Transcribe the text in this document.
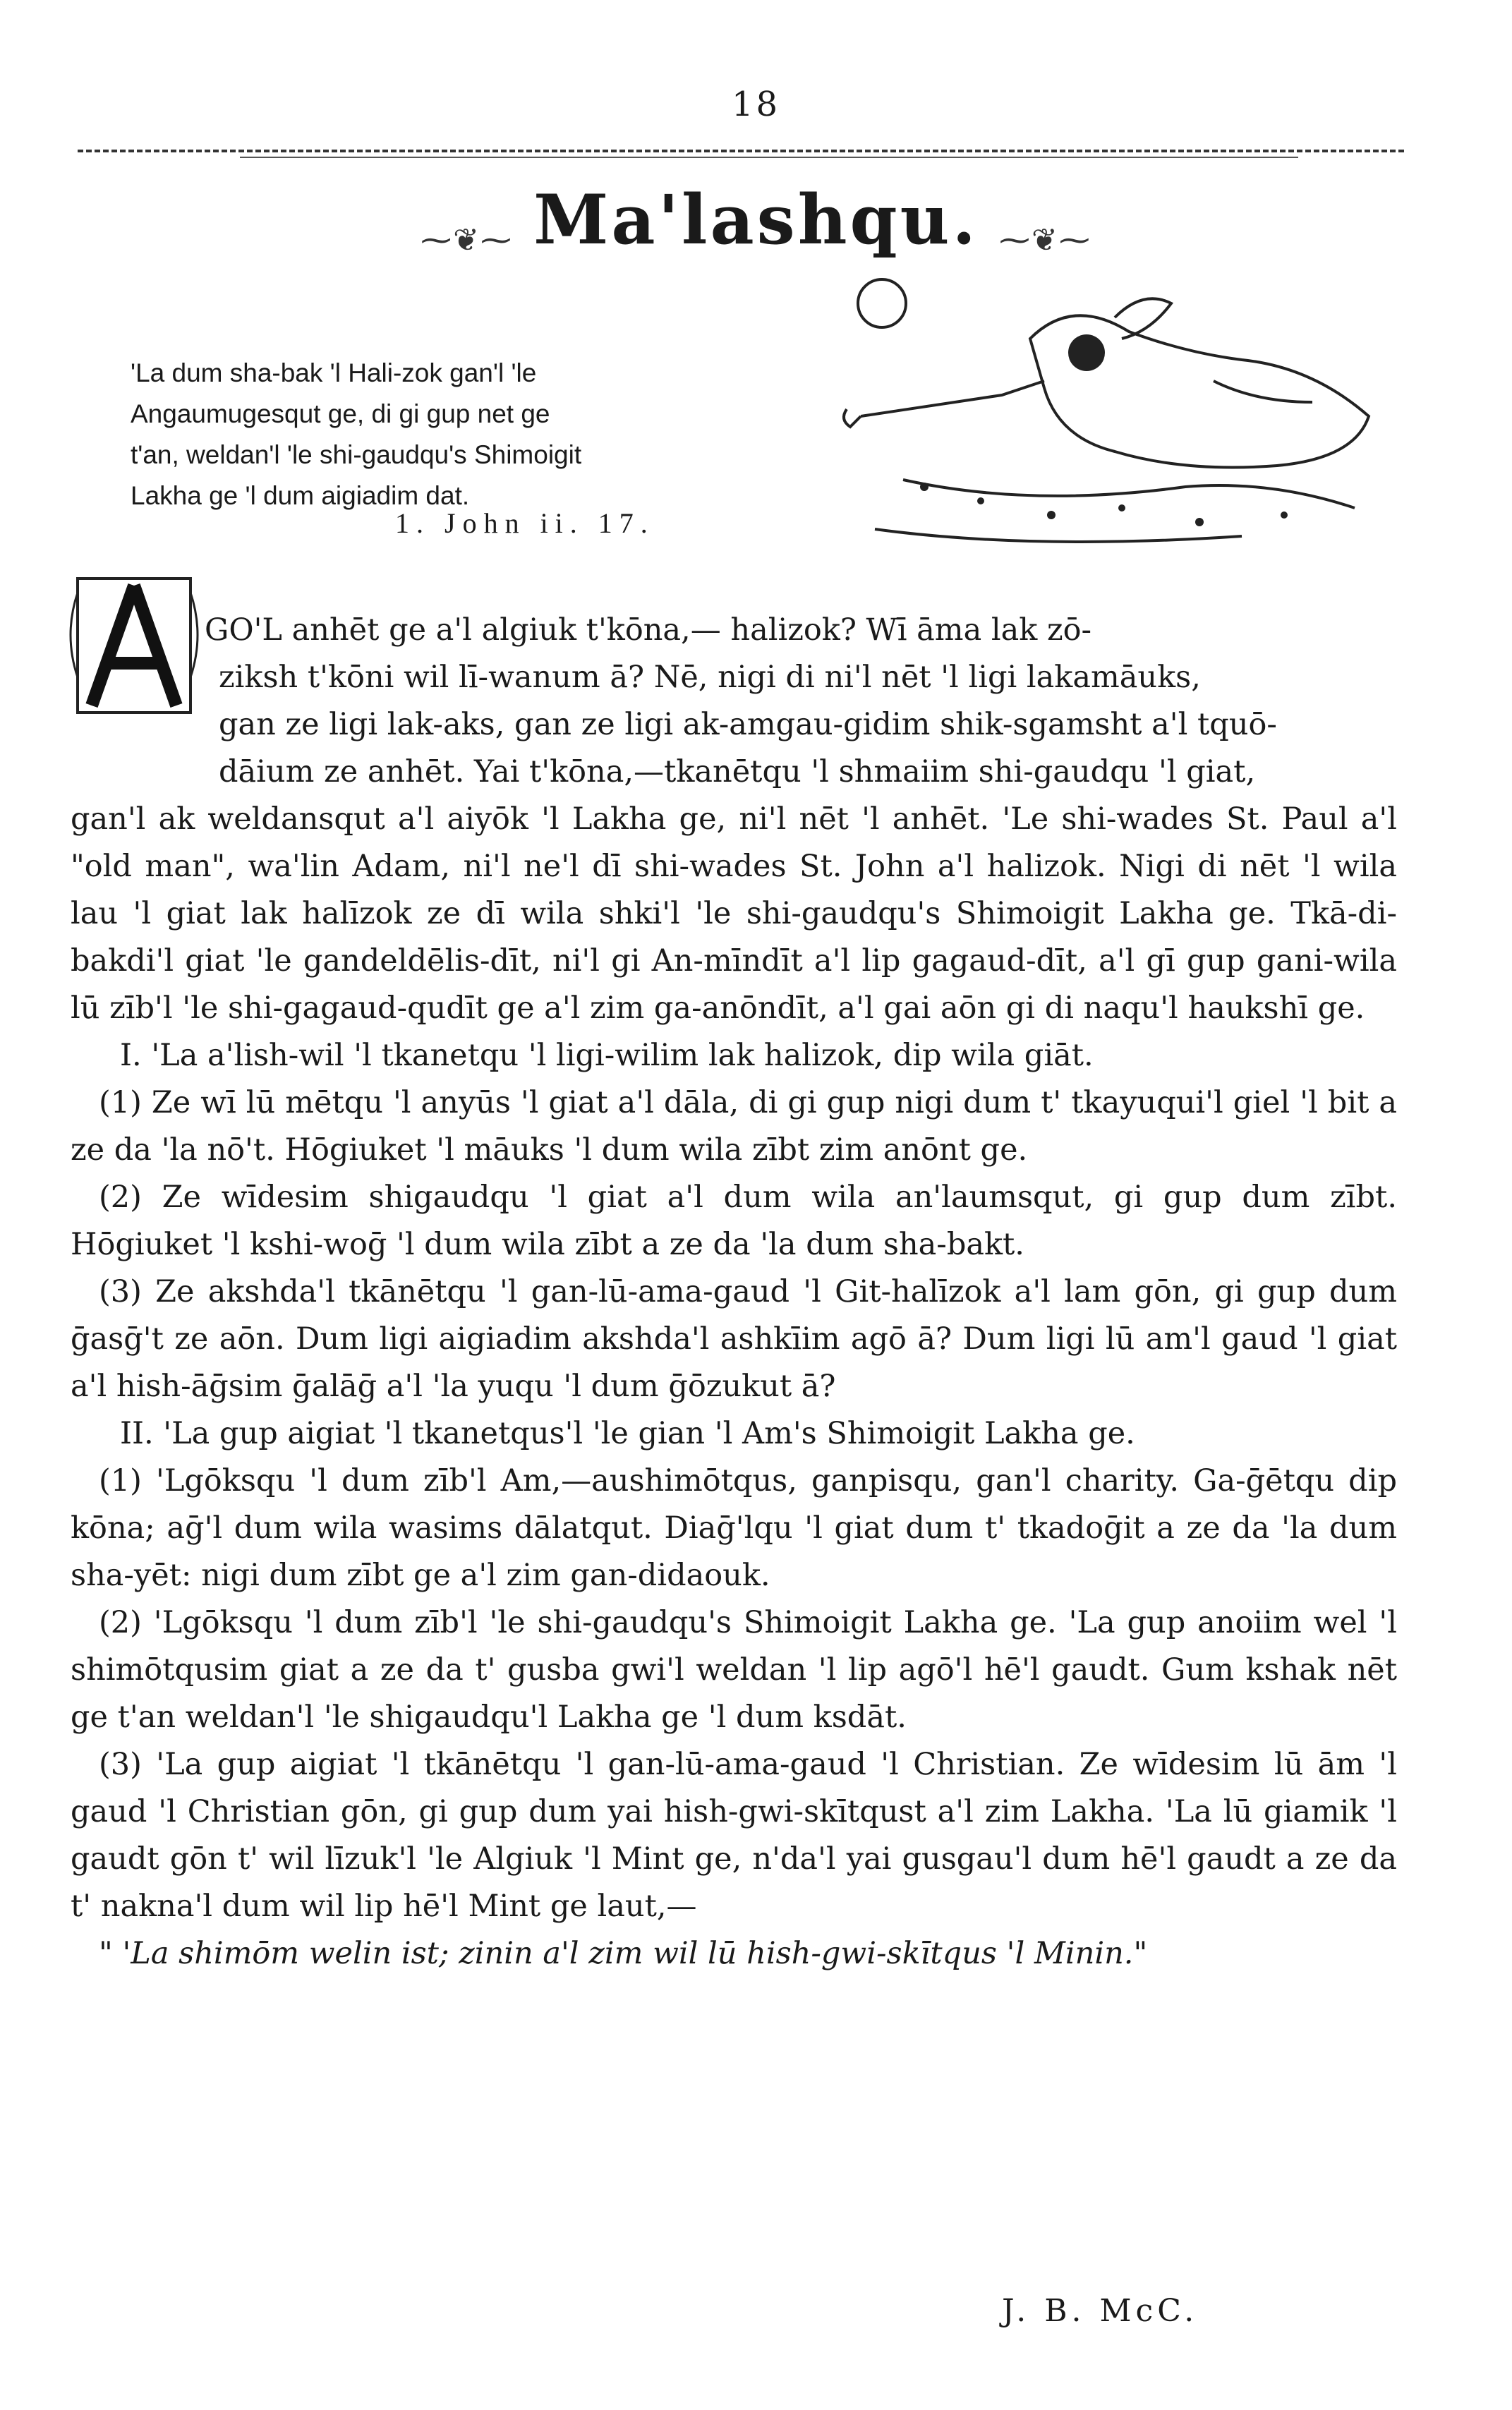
18
⁓❦⁓ Ma'lashqu. ⁓❦⁓
'La dum sha-bak 'l Hali-zok gan'l 'le
Angaumugesqut ge, di gi gup net ge
t'an, weldan'l 'le shi-gaudqu's Shimoigit
Lakha ge 'l dum aigiadim dat.
1. John ii. 17.

GO'L anhēt ge a'l algiuk t'kōna,— halizok? Wī āma lak zō-

ziksh t'kōni wil lī-wanum ā? Nē, nigi di ni'l nēt 'l ligi lakamāuks,

gan ze ligi lak-aks, gan ze ligi ak-amgau-gidim shik-sgamsht a'l tquō-

dāium ze anhēt. Yai t'kōna,—tkanētqu 'l shmaiim shi-gaudqu 'l giat,

gan'l ak weldansqut a'l aiyōk 'l Lakha ge, ni'l nēt 'l anhēt. 'Le shi-wades St. Paul a'l "old man", wa'lin Adam, ni'l ne'l dī shi-wades St. John a'l halizok. Nigi di nēt 'l wila lau 'l giat lak halīzok ze dī wila shki'l 'le shi-gaudqu's Shimoigit Lakha ge. Tkā-di-bakdi'l giat 'le gandeldēlis-dīt, ni'l gi An-mīndīt a'l lip gagaud-dīt, a'l gī gup gani-wila lū zīb'l 'le shi-gagaud-qudīt ge a'l zim ga-anōndīt, a'l gai aōn gi di naqu'l haukshī ge.

I. 'La a'lish-wil 'l tkanetqu 'l ligi-wilim lak halizok, dip wila giāt.

(1) Ze wī lū mētqu 'l anyūs 'l giat a'l dāla, di gi gup nigi dum t' tkayuqui'l giel 'l bit a ze da 'la nō't. Hōgiuket 'l māuks 'l dum wila zībt zim anōnt ge.

(2) Ze wīdesim shigaudqu 'l giat a'l dum wila an'laumsqut, gi gup dum zībt. Hōgiuket 'l kshi-woḡ 'l dum wila zībt a ze da 'la dum sha-bakt.

(3) Ze akshda'l tkānētqu 'l gan-lū-ama-gaud 'l Git-halīzok a'l lam gōn, gi gup dum ḡasḡ't ze aōn. Dum ligi aigiadim akshda'l ashkīim agō ā? Dum ligi lū am'l gaud 'l giat a'l hish-āḡsim ḡalāḡ a'l 'la yuqu 'l dum ḡōzukut ā?

II. 'La gup aigiat 'l tkanetqus'l 'le gian 'l Am's Shimoigit Lakha ge.

(1) 'Lgōksqu 'l dum zīb'l Am,—aushimōtqus, ganpisqu, gan'l charity. Ga-ḡētqu dip kōna; aḡ'l dum wila wasims dālatqut. Diaḡ'lqu 'l giat dum t' tkadoḡit a ze da 'la dum sha-yēt: nigi dum zībt ge a'l zim gan-didaouk.

(2) 'Lgōksqu 'l dum zīb'l 'le shi-gaudqu's Shimoigit Lakha ge. 'La gup anoiim wel 'l shimōtqusim giat a ze da t' gusba gwi'l weldan 'l lip agō'l hē'l gaudt. Gum kshak nēt ge t'an weldan'l 'le shigaudqu'l Lakha ge 'l dum ksdāt.

(3) 'La gup aigiat 'l tkānētqu 'l gan-lū-ama-gaud 'l Christian. Ze wīdesim lū ām 'l gaud 'l Christian gōn, gi gup dum yai hish-gwi-skītqust a'l zim Lakha. 'La lū giamik 'l gaudt gōn t' wil līzuk'l 'le Algiuk 'l Mint ge, n'da'l yai gusgau'l dum hē'l gaudt a ze da t' nakna'l dum wil lip hē'l Mint ge laut,—

" 'La shimōm welin ist; zinin a'l zim wil lū hish-gwi-skītqus 'l Minin."

J. B. McC.
